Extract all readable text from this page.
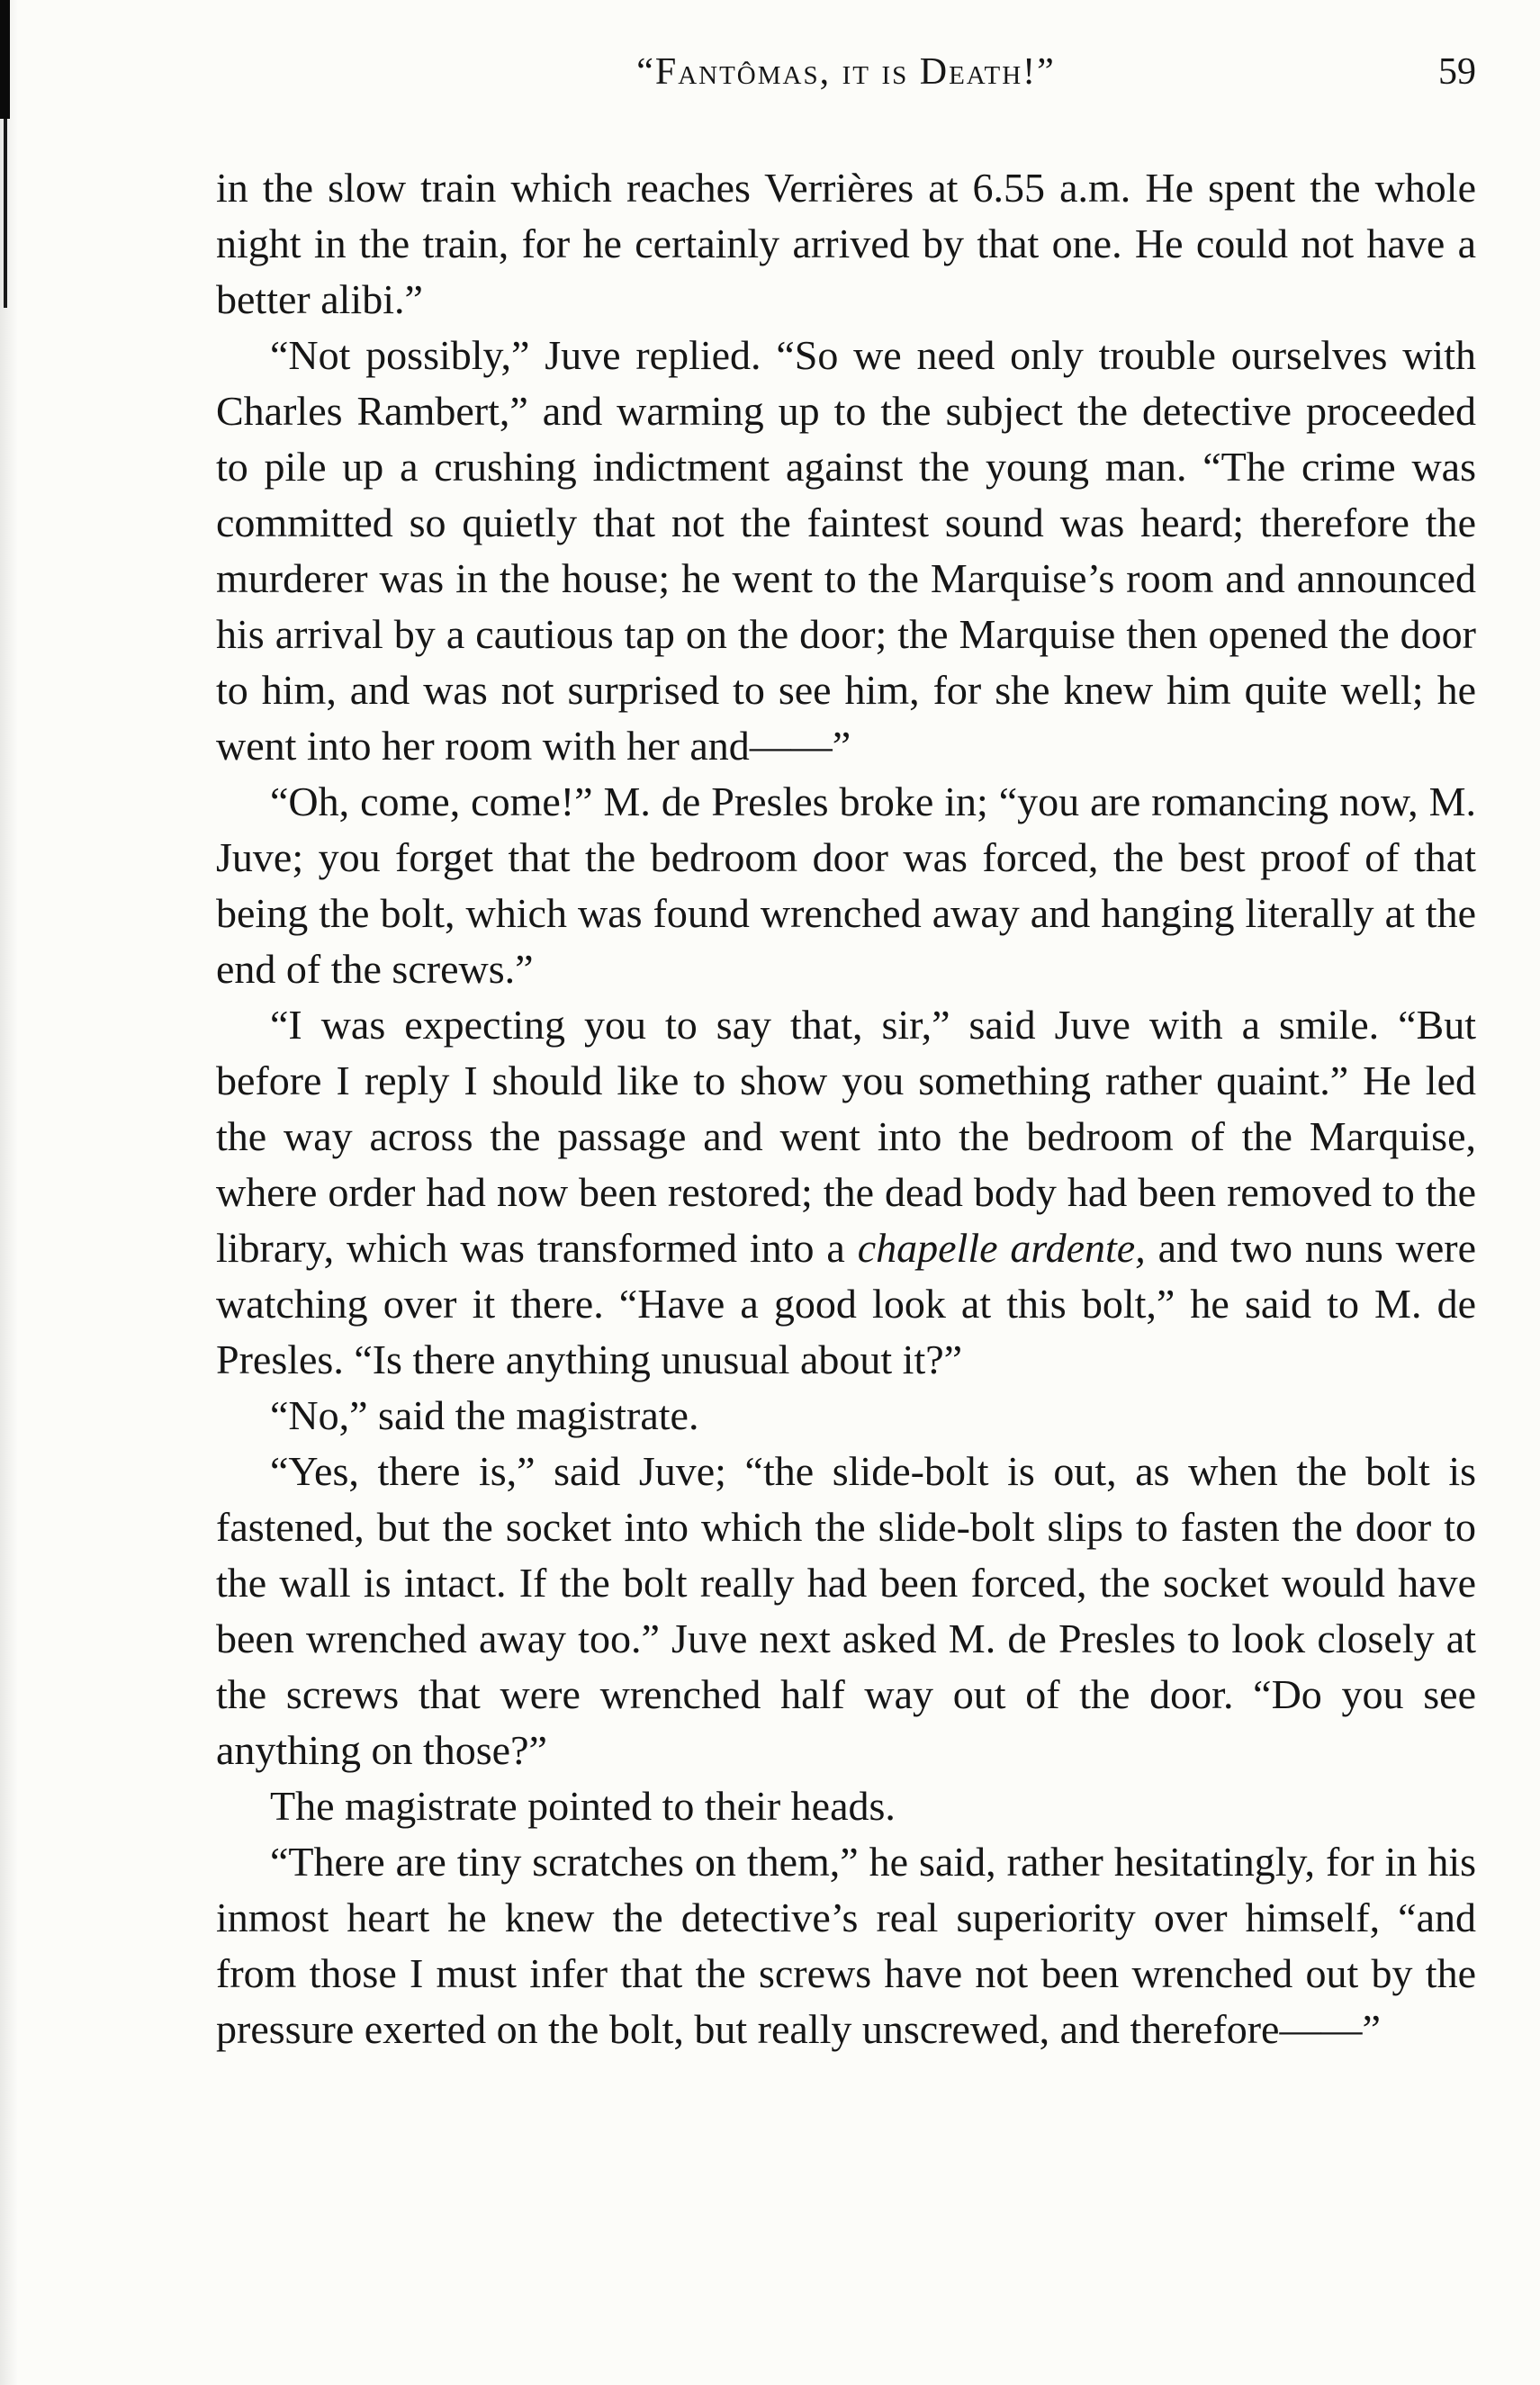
“Fantômas, it is Death!”	59

in the slow train which reaches Verrières at 6.55 a.m. He spent the whole night in the train, for he certainly arrived by that one. He could not have a better alibi.”

“Not possibly,” Juve replied. “So we need only trouble ourselves with Charles Rambert,” and warming up to the subject the detective proceeded to pile up a crushing indictment against the young man. “The crime was committed so quietly that not the faintest sound was heard; therefore the murderer was in the house; he went to the Marquise’s room and announced his arrival by a cautious tap on the door; the Marquise then opened the door to him, and was not surprised to see him, for she knew him quite well; he went into her room with her and——”

“Oh, come, come!” M. de Presles broke in; “you are romancing now, M. Juve; you forget that the bedroom door was forced, the best proof of that being the bolt, which was found wrenched away and hanging literally at the end of the screws.”

“I was expecting you to say that, sir,” said Juve with a smile. “But before I reply I should like to show you something rather quaint.” He led the way across the passage and went into the bedroom of the Marquise, where order had now been restored; the dead body had been removed to the library, which was transformed into a chapelle ardente, and two nuns were watching over it there. “Have a good look at this bolt,” he said to M. de Presles. “Is there anything unusual about it?”

“No,” said the magistrate.

“Yes, there is,” said Juve; “the slide-bolt is out, as when the bolt is fastened, but the socket into which the slide-bolt slips to fasten the door to the wall is intact. If the bolt really had been forced, the socket would have been wrenched away too.” Juve next asked M. de Presles to look closely at the screws that were wrenched half way out of the door. “Do you see anything on those?”

The magistrate pointed to their heads.

“There are tiny scratches on them,” he said, rather hesitatingly, for in his inmost heart he knew the detective’s real superiority over himself, “and from those I must infer that the screws have not been wrenched out by the pressure exerted on the bolt, but really unscrewed, and therefore——”
